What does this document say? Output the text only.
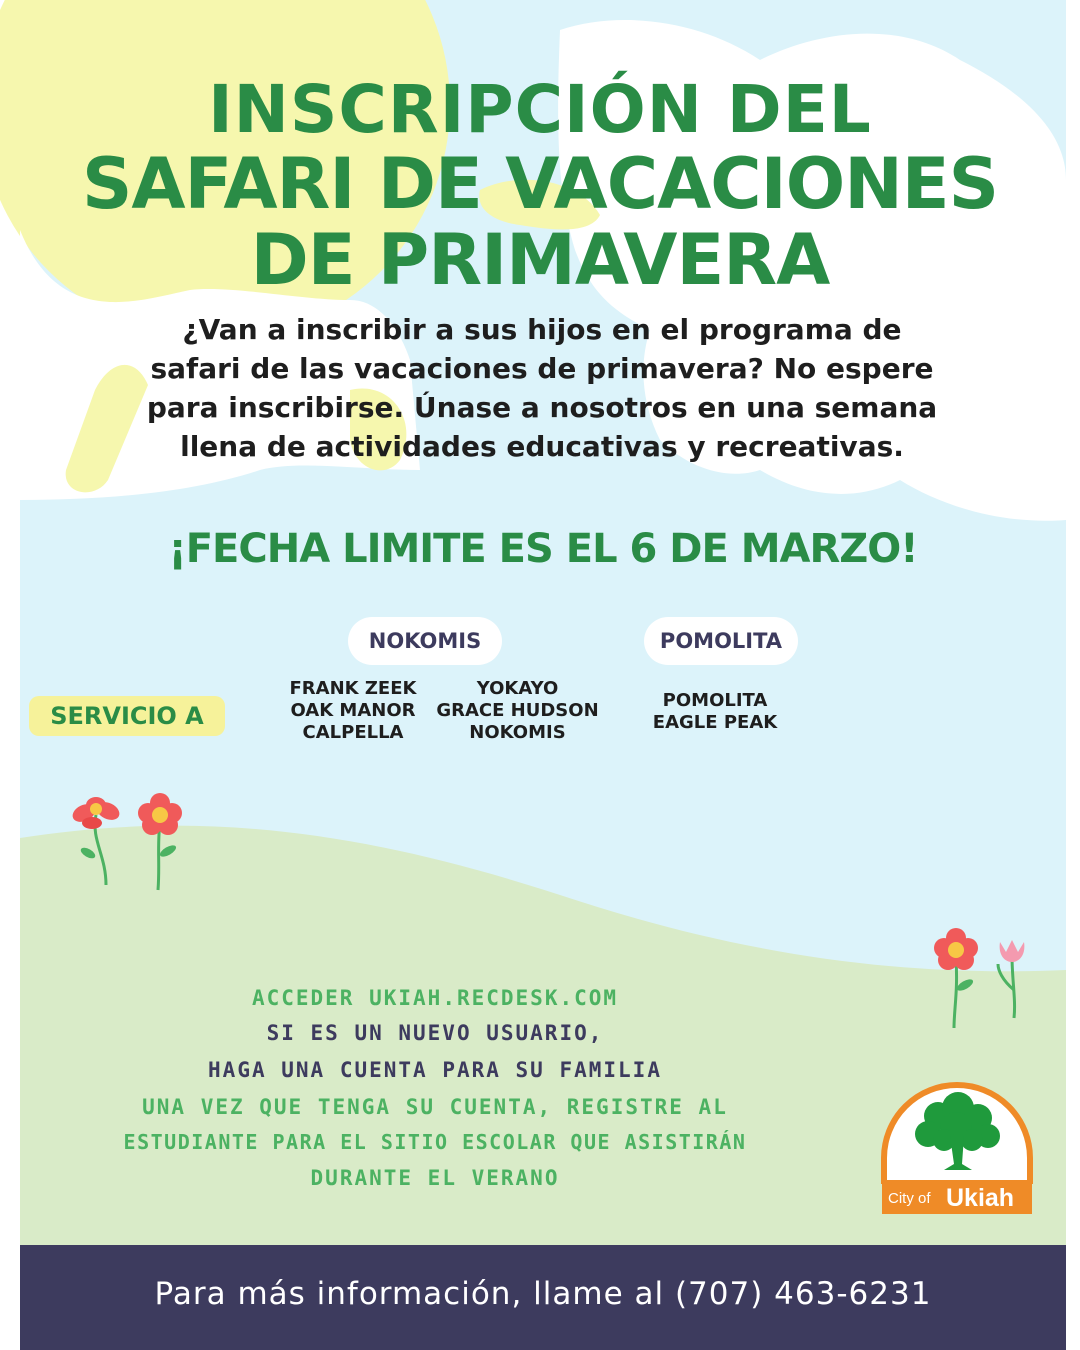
INSCRIPCIÓN DEL
SAFARI DE VACACIONES
DE PRIMAVERA
¿Van a inscribir a sus hijos en el programa de
safari de las vacaciones de primavera? No espere
para inscribirse. Únase a nosotros en una semana
llena de actividades educativas y recreativas.
¡FECHA LIMITE ES EL 6 DE MARZO!
SERVICIO A
NOKOMIS	POMOLITA
FRANK ZEEK
OAK MANOR
CALPELLA
YOKAYO
GRACE HUDSON
NOKOMIS
POMOLITA
EAGLE PEAK
ACCEDER UKIAH.RECDESK.COM
SI ES UN NUEVO USUARIO,
HAGA UNA CUENTA PARA SU FAMILIA
UNA VEZ QUE TENGA SU CUENTA, REGISTRE AL
ESTUDIANTE PARA EL SITIO ESCOLAR QUE ASISTIRÁN
DURANTE EL VERANO
City of Ukiah
Para más información, llame al (707) 463-6231
